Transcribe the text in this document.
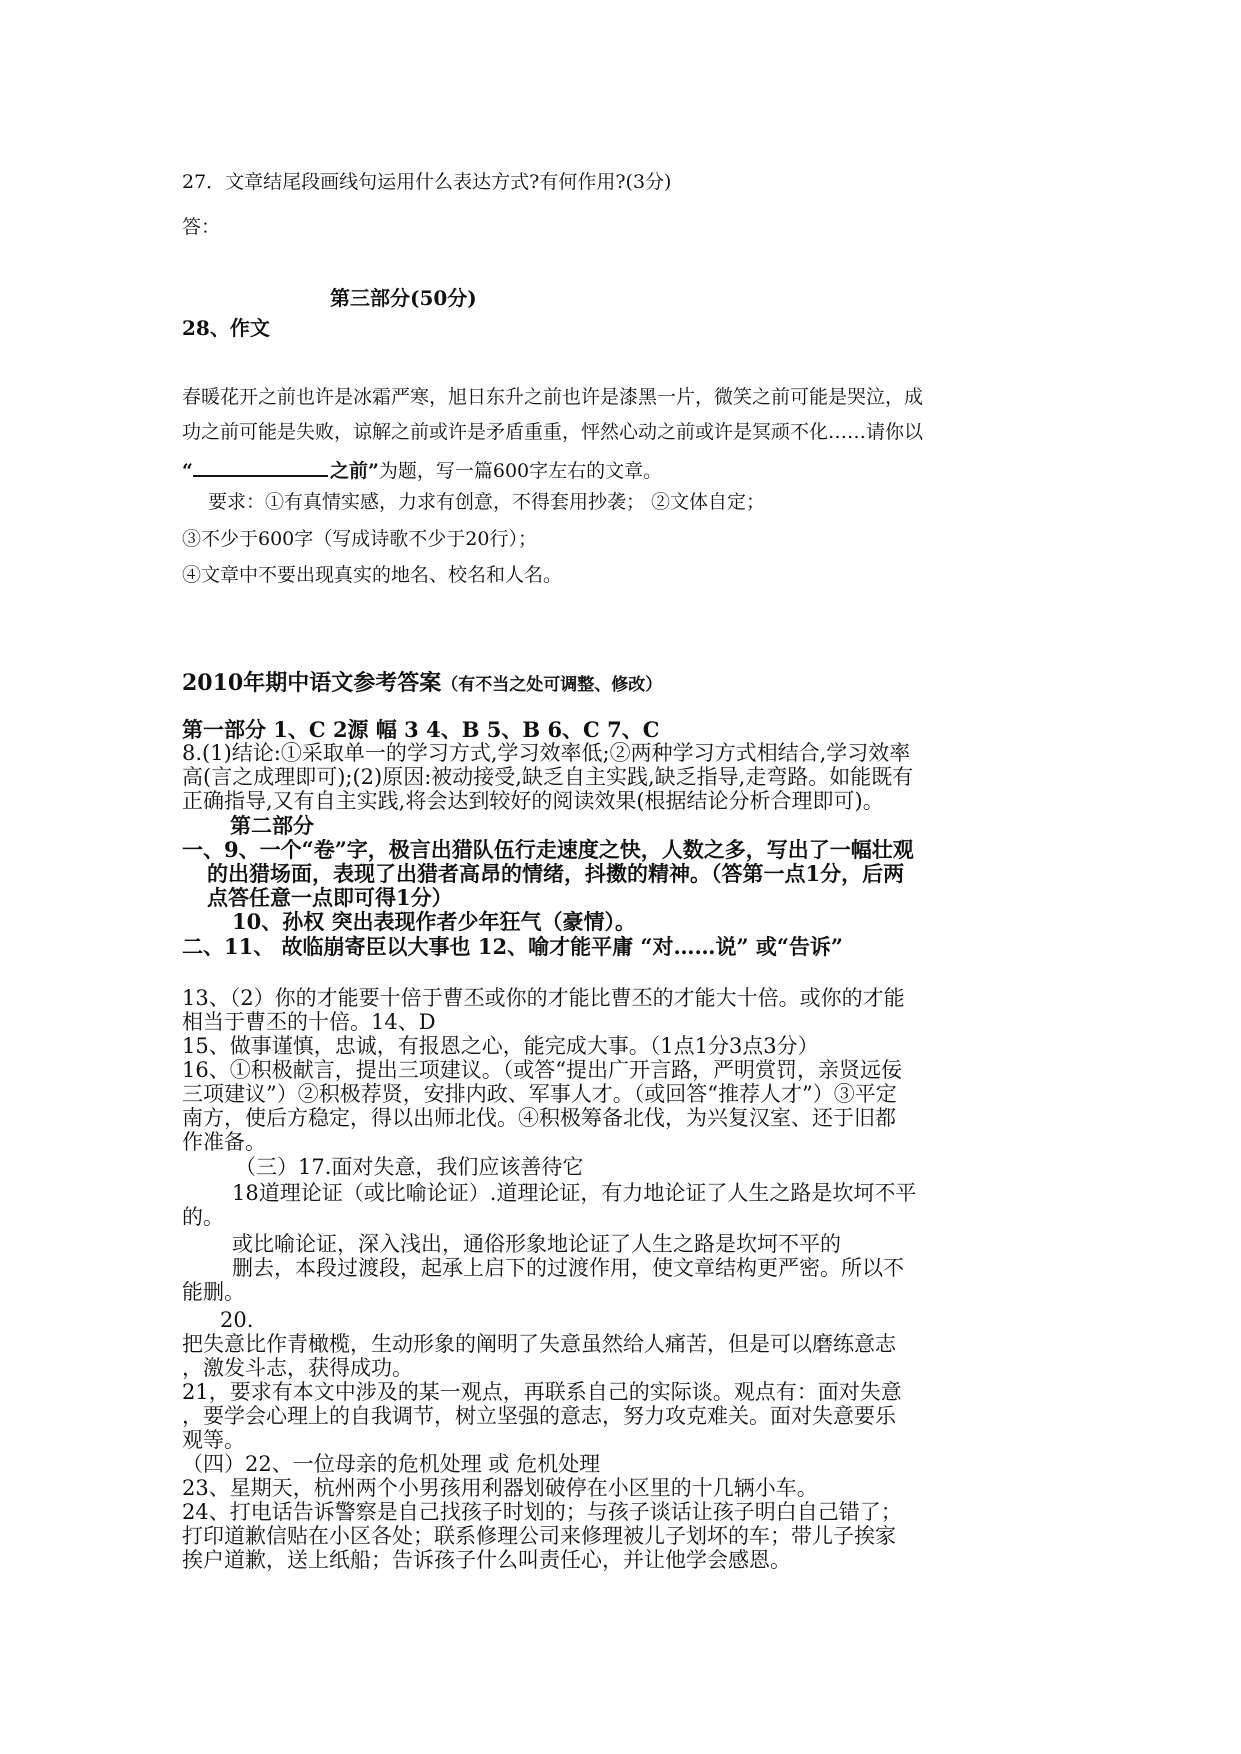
27．文章结尾段画线句运用什么表达方式?有何作用?(3分)
答：
第三部分(50分)
28、作文
春暖花开之前也许是冰霜严寒，旭日东升之前也许是漆黑一片，微笑之前可能是哭泣，成
功之前可能是失败，谅解之前或许是矛盾重重，怦然心动之前或许是冥顽不化……请你以
“	之前”为题，写一篇600字左右的文章。
要求：①有真情实感，力求有创意，不得套用抄袭； ②文体自定；
③不少于600字（写成诗歌不少于20行）；
④文章中不要出现真实的地名、校名和人名。
2010年期中语文参考答案（有不当之处可调整、修改）
第一部分 1、C 2源 幅 3 4、B 5、B 6、C 7、C
8.(1)结论:①采取单一的学习方式,学习效率低;②两种学习方式相结合,学习效率
高(言之成理即可);(2)原因:被动接受,缺乏自主实践,缺乏指导,走弯路。如能既有
正确指导,又有自主实践,将会达到较好的阅读效果(根据结论分析合理即可)。
第二部分
一、9、一个“卷”字，极言出猎队伍行走速度之快，人数之多，写出了一幅壮观
的出猎场面，表现了出猎者高昂的情绪，抖擞的精神。（答第一点1分，后两
点答任意一点即可得1分）
10、孙权 突出表现作者少年狂气（豪情）。
二、11、 故临崩寄臣以大事也 12、喻才能平庸 “对……说” 或“告诉”
13、（2）你的才能要十倍于曹丕或你的才能比曹丕的才能大十倍。或你的才能
相当于曹丕的十倍。14、D
15、做事谨慎，忠诚，有报恩之心，能完成大事。（1点1分3点3分）
16、①积极献言，提出三项建议。（或答“提出广开言路，严明赏罚，亲贤远佞
三项建议”）②积极荐贤，安排内政、军事人才。（或回答“推荐人才”）③平定
南方，使后方稳定，得以出师北伐。④积极筹备北伐，为兴复汉室、还于旧都
作准备。
（三）17.面对失意，我们应该善待它
18道理论证（或比喻论证）.道理论证，有力地论证了人生之路是坎坷不平
的。
或比喻论证，深入浅出，通俗形象地论证了人生之路是坎坷不平的
删去，本段过渡段，起承上启下的过渡作用，使文章结构更严密。所以不
能删。
20.
把失意比作青橄榄，生动形象的阐明了失意虽然给人痛苦，但是可以磨练意志
，激发斗志，获得成功。
21，要求有本文中涉及的某一观点，再联系自己的实际谈。观点有：面对失意
，要学会心理上的自我调节，树立坚强的意志，努力攻克难关。面对失意要乐
观等。
（四）22、一位母亲的危机处理 或 危机处理
23、星期天，杭州两个小男孩用利器划破停在小区里的十几辆小车。
24、打电话告诉警察是自己找孩子时划的；与孩子谈话让孩子明白自己错了；
打印道歉信贴在小区各处；联系修理公司来修理被儿子划坏的车；带儿子挨家
挨户道歉，送上纸船；告诉孩子什么叫责任心，并让他学会感恩。
